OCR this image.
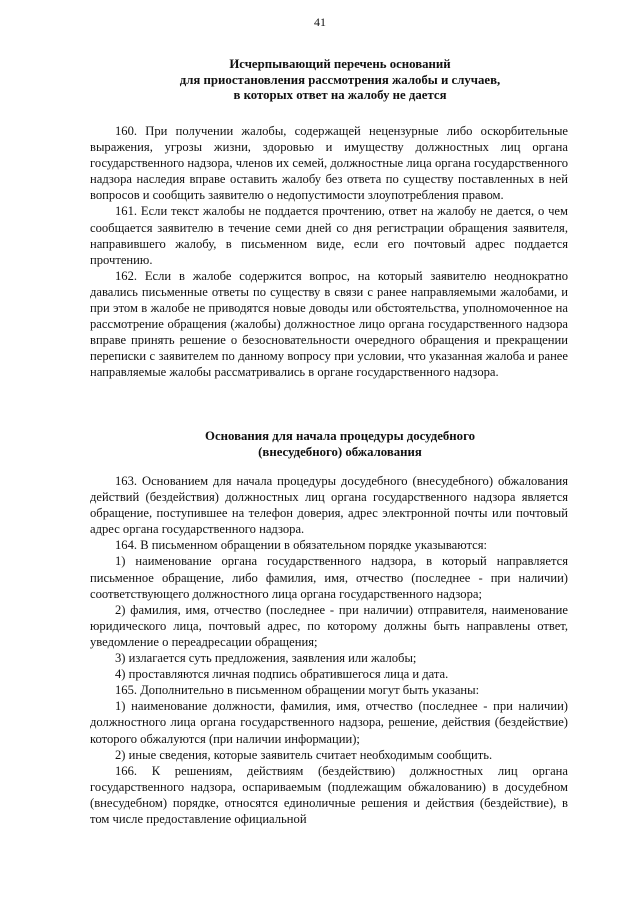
41
Исчерпывающий перечень оснований
для приостановления рассмотрения жалобы и случаев,
в которых ответ на жалобу не дается

160. При получении жалобы, содержащей нецензурные либо оскорбительные выражения, угрозы жизни, здоровью и имуществу должностных лиц органа государственного надзора, членов их семей, должностные лица органа государственного надзора наследия вправе оставить жалобу без ответа по существу поставленных в ней вопросов и сообщить заявителю о недопустимости злоупотребления правом.

161. Если текст жалобы не поддается прочтению, ответ на жалобу не дается, о чем сообщается заявителю в течение семи дней со дня регистрации обращения заявителя, направившего жалобу, в письменном виде, если его почтовый адрес поддается прочтению.

162. Если в жалобе содержится вопрос, на который заявителю неоднократно давались письменные ответы по существу в связи с ранее направляемыми жалобами, и при этом в жалобе не приводятся новые доводы или обстоятельства, уполномоченное на рассмотрение обращения (жалобы) должностное лицо органа государственного надзора вправе принять решение о безосновательности очередного обращения и прекращении переписки с заявителем по данному вопросу при условии, что указанная жалоба и ранее направляемые жалобы рассматривались в органе государственного надзора.

Основания для начала процедуры досудебного
(внесудебного) обжалования

163. Основанием для начала процедуры досудебного (внесудебного) обжалования действий (бездействия) должностных лиц органа государственного надзора является обращение, поступившее на телефон доверия, адрес электронной почты или почтовый адрес органа государственного надзора.

164. В письменном обращении в обязательном порядке указываются:

1) наименование органа государственного надзора, в который направляется письменное обращение, либо фамилия, имя, отчество (последнее - при наличии) соответствующего должностного лица органа государственного надзора;

2) фамилия, имя, отчество (последнее - при наличии) отправителя, наименование юридического лица, почтовый адрес, по которому должны быть направлены ответ, уведомление о переадресации обращения;

3) излагается суть предложения, заявления или жалобы;

4) проставляются личная подпись обратившегося лица и дата.

165. Дополнительно в письменном обращении могут быть указаны:

1) наименование должности, фамилия, имя, отчество (последнее - при наличии) должностного лица органа государственного надзора, решение, действия (бездействие) которого обжалуются (при наличии информации);

2) иные сведения, которые заявитель считает необходимым сообщить.

166. К решениям, действиям (бездействию) должностных лиц органа государственного надзора, оспариваемым (подлежащим обжалованию) в досудебном (внесудебном) порядке, относятся единоличные решения и действия (бездействие), в том числе предоставление официальной
